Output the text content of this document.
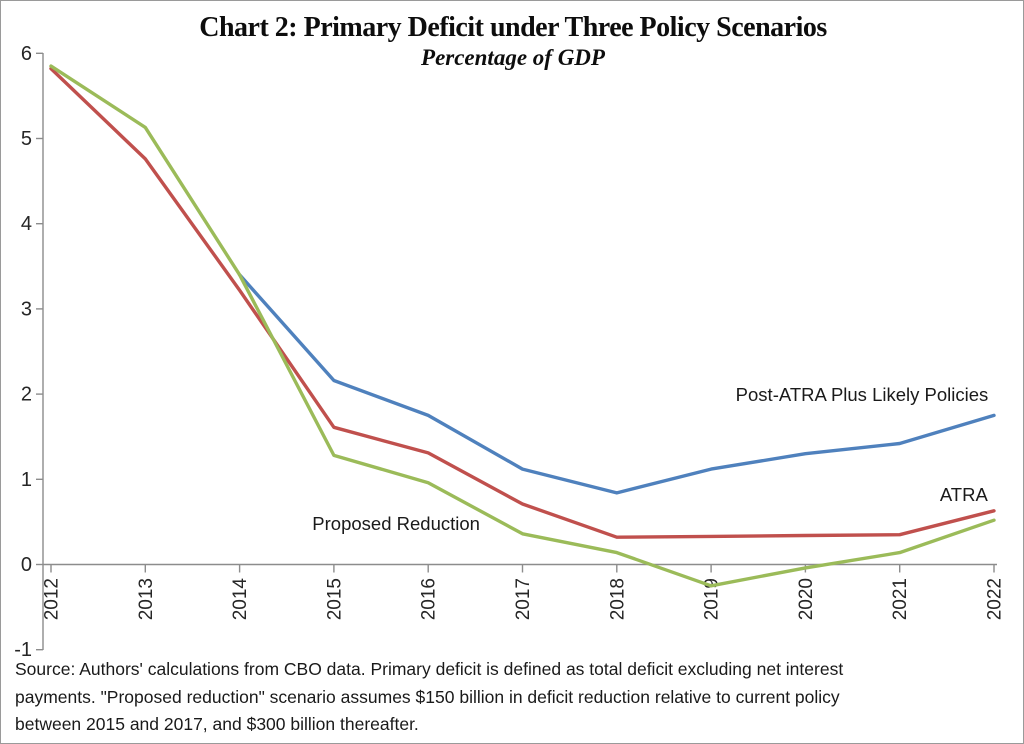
Chart 2: Primary Deficit under Three Policy Scenarios
Percentage of GDP
6
5
4
3
2
1
0
-1
2012	2013	2014	2015	2016	2017	2018	2019	2020	2021	2022
Post-ATRA Plus Likely Policies
ATRA
Proposed Reduction
Source: Authors' calculations from CBO data. Primary deficit is defined as total deficit excluding net interest
payments. "Proposed reduction" scenario assumes $150 billion in deficit reduction relative to current policy
between 2015 and 2017, and $300 billion thereafter.
